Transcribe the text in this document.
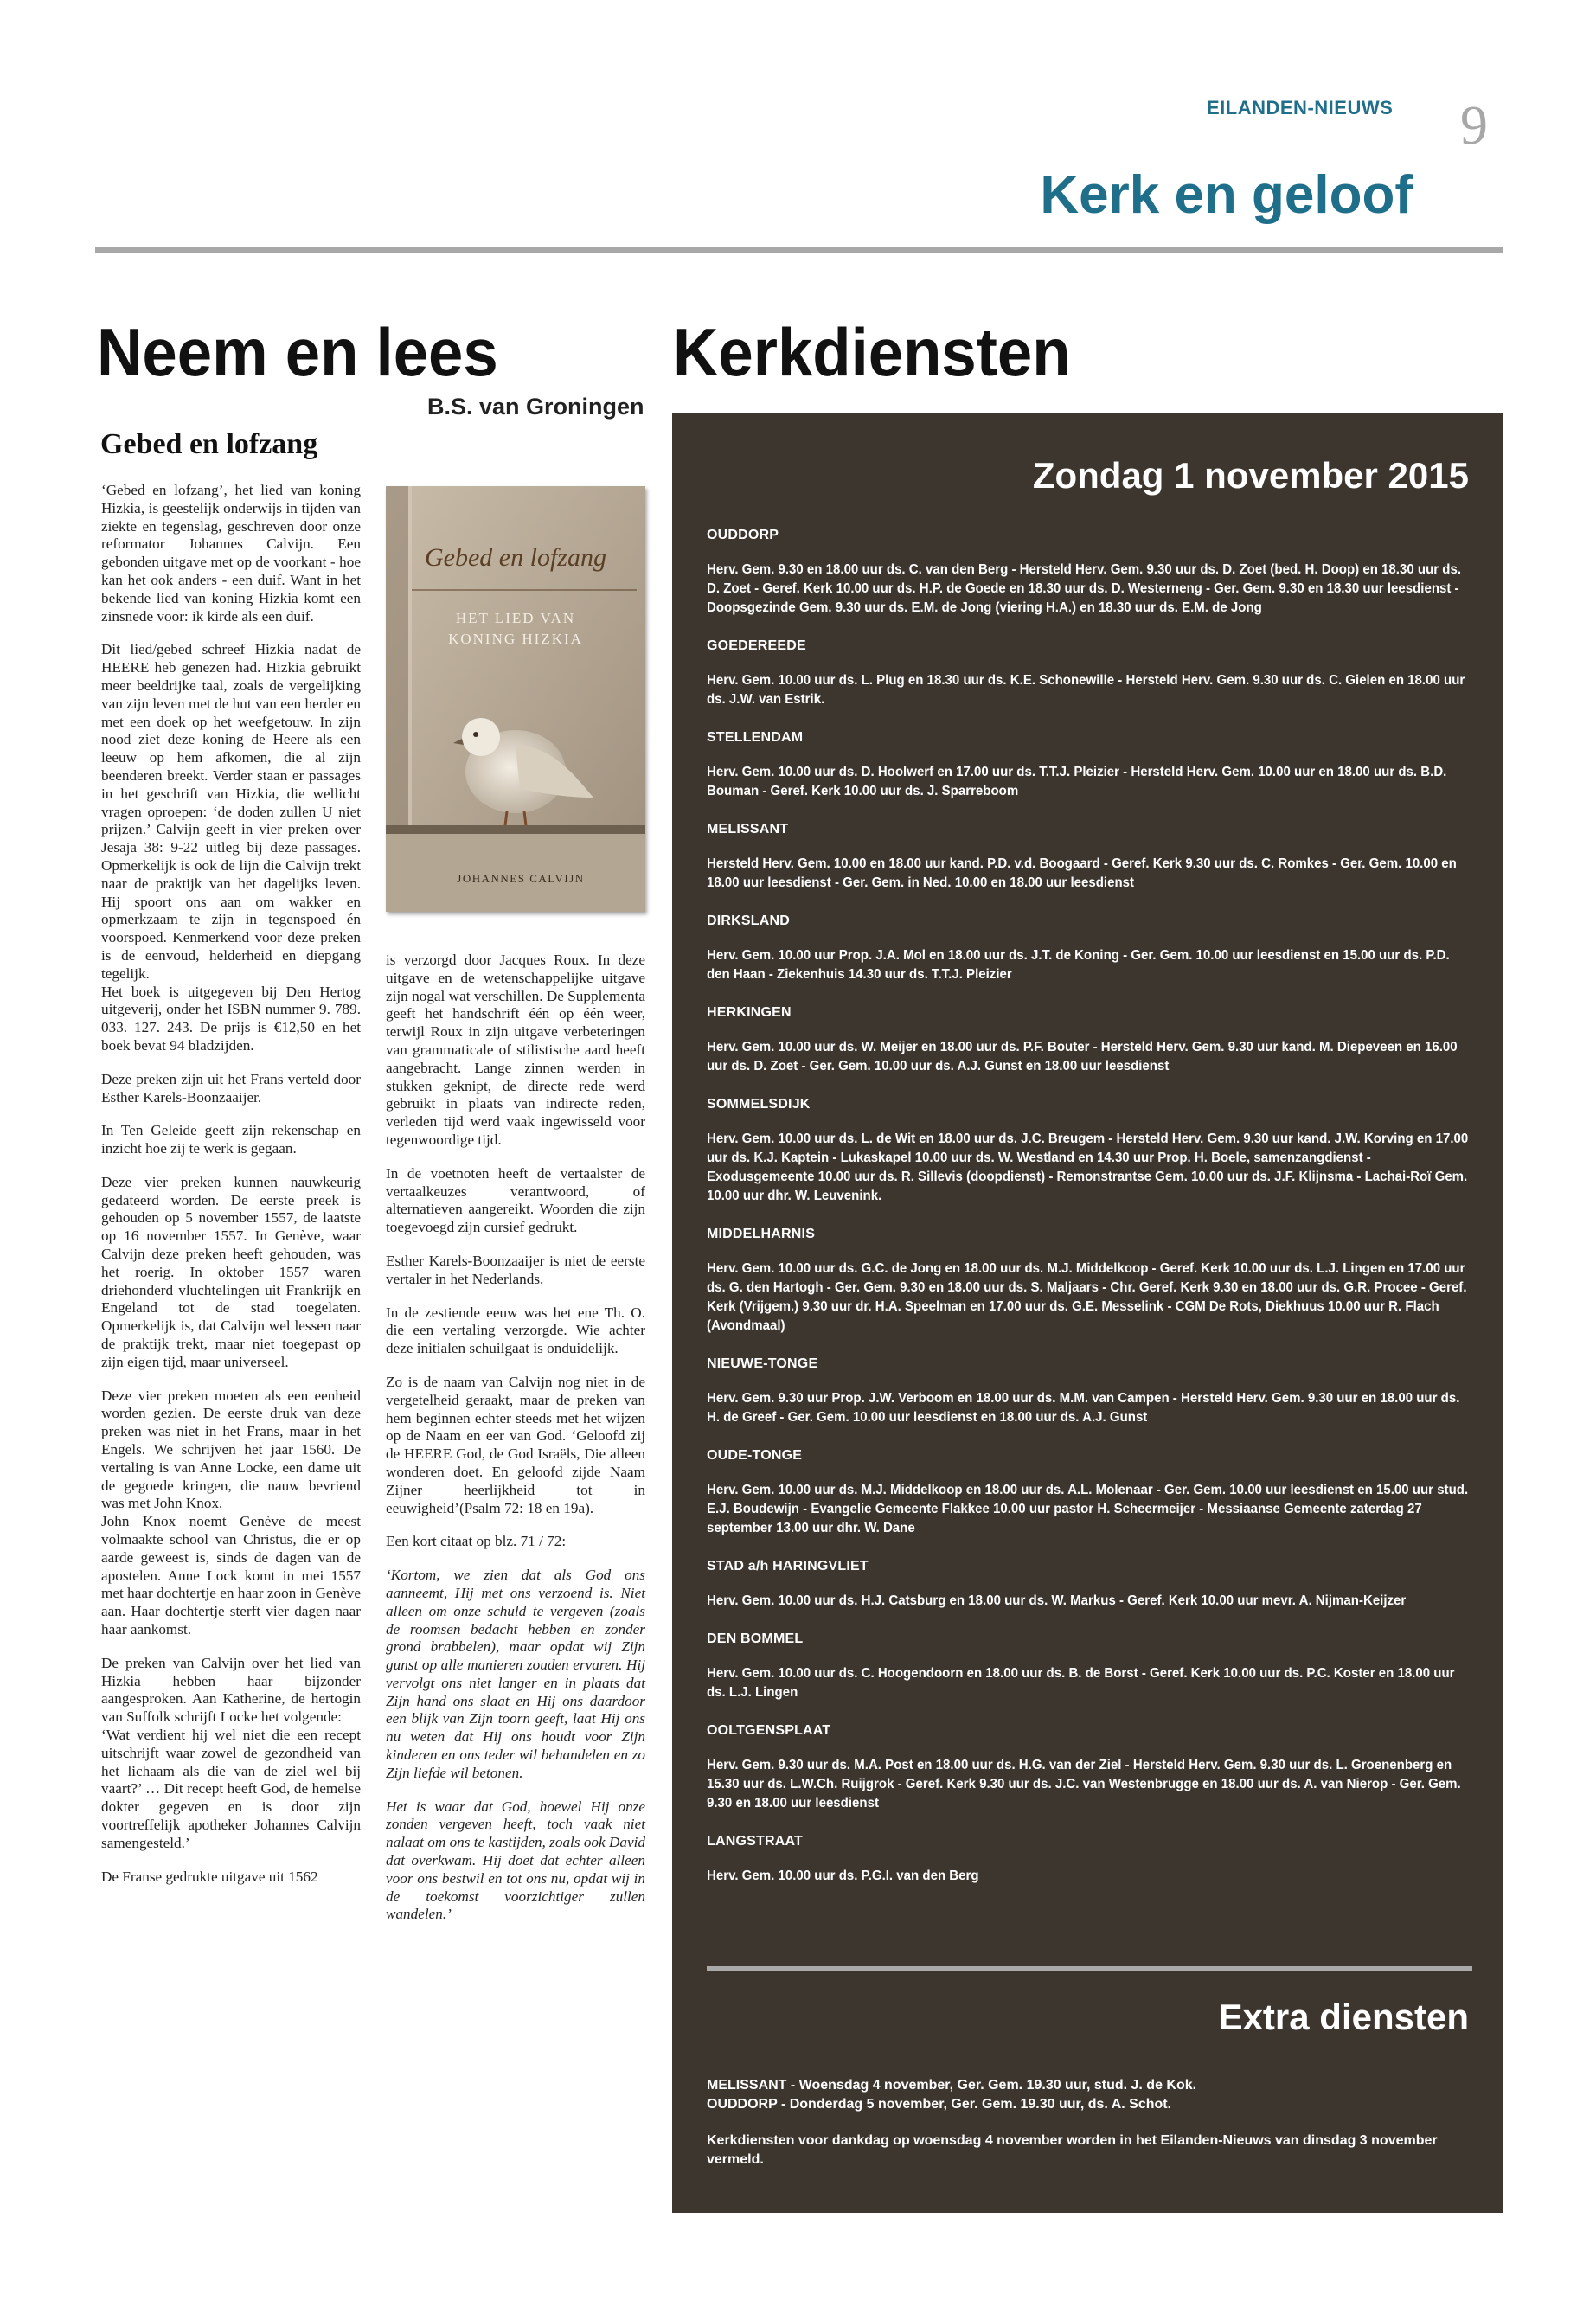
EILANDEN-NIEUWS 9
Kerk en geloof
Neem en lees	Kerkdiensten
B.S. van Groningen
Gebed en lofzang

‘Gebed en lofzang’, het lied van koning Hizkia, is geestelijk onderwijs in tijden van ziekte en tegenslag, geschreven door onze reformator Johannes Calvijn. Een gebonden uitgave met op de voorkant - hoe kan het ook anders - een duif. Want in het bekende lied van koning Hizkia komt een zinsnede voor: ik kirde als een duif.

Dit lied/gebed schreef Hizkia nadat de HEERE heb genezen had. Hizkia gebruikt meer beeldrijke taal, zoals de vergelijking van zijn leven met de hut van een herder en met een doek op het weefgetouw. In zijn nood ziet deze koning de Heere als een leeuw op hem afkomen, die al zijn beenderen breekt. Verder staan er passages in het geschrift van Hizkia, die wellicht vragen oproepen: ‘de doden zullen U niet prijzen.’ Calvijn geeft in vier preken over Jesaja 38: 9-22 uitleg bij deze passages. Opmerkelijk is ook de lijn die Calvijn trekt naar de praktijk van het dagelijks leven. Hij spoort ons aan om wakker en opmerkzaam te zijn in tegenspoed én voorspoed. Kenmerkend voor deze preken is de eenvoud, helderheid en diepgang tegelijk.

Het boek is uitgegeven bij Den Hertog uitgeverij, onder het ISBN nummer 9. 789. 033. 127. 243. De prijs is €12,50 en het boek bevat 94 bladzijden.

Deze preken zijn uit het Frans verteld door Esther Karels-Boonzaaijer.

In Ten Geleide geeft zijn rekenschap en inzicht hoe zij te werk is gegaan.

Deze vier preken kunnen nauwkeurig gedateerd worden. De eerste preek is gehouden op 5 november 1557, de laatste op 16 november 1557. In Genève, waar Calvijn deze preken heeft gehouden, was het roerig. In oktober 1557 waren driehonderd vluchtelingen uit Frankrijk en Engeland tot de stad toegelaten. Opmerkelijk is, dat Calvijn wel lessen naar de praktijk trekt, maar niet toegepast op zijn eigen tijd, maar universeel.

Deze vier preken moeten als een eenheid worden gezien. De eerste druk van deze preken was niet in het Frans, maar in het Engels. We schrijven het jaar 1560. De vertaling is van Anne Locke, een dame uit de gegoede kringen, die nauw bevriend was met John Knox.

John Knox noemt Genève de meest volmaakte school van Christus, die er op aarde geweest is, sinds de dagen van de apostelen. Anne Lock komt in mei 1557 met haar dochtertje en haar zoon in Genève aan. Haar dochtertje sterft vier dagen naar haar aankomst.

De preken van Calvijn over het lied van Hizkia hebben haar bijzonder aangesproken. Aan Katherine, de hertogin van Suffolk schrijft Locke het volgende:

‘Wat verdient hij wel niet die een recept uitschrijft waar zowel de gezondheid van het lichaam als die van de ziel wel bij vaart?’ … Dit recept heeft God, de hemelse dokter gegeven en is door zijn voortreffelijk apotheker Johannes Calvijn samengesteld.’

De Franse gedrukte uitgave uit 1562

Gebed en lofzang
HET LIED VAN
KONING HIZKIA
JOHANNES CALVIJN

is verzorgd door Jacques Roux. In deze uitgave en de wetenschappelijke uitgave zijn nogal wat verschillen. De Supplementa geeft het handschrift één op één weer, terwijl Roux in zijn uitgave verbeteringen van grammaticale of stilistische aard heeft aangebracht. Lange zinnen werden in stukken geknipt, de directe rede werd gebruikt in plaats van indirecte reden, verleden tijd werd vaak ingewisseld voor tegenwoordige tijd.

In de voetnoten heeft de vertaalster de vertaalkeuzes verantwoord, of alternatieven aangereikt. Woorden die zijn toegevoegd zijn cursief gedrukt.

Esther Karels-Boonzaaijer is niet de eerste vertaler in het Nederlands.

In de zestiende eeuw was het ene Th. O. die een vertaling verzorgde. Wie achter deze initialen schuilgaat is onduidelijk.

Zo is de naam van Calvijn nog niet in de vergetelheid geraakt, maar de preken van hem beginnen echter steeds met het wijzen op de Naam en eer van God. ‘Geloofd zij de HEERE God, de God Israëls, Die alleen wonderen doet. En geloofd zijde Naam Zijner heerlijkheid tot in eeuwigheid’(Psalm 72: 18 en 19a).

Een kort citaat op blz. 71 / 72:

‘Kortom, we zien dat als God ons aanneemt, Hij met ons verzoend is. Niet alleen om onze schuld te vergeven (zoals de roomsen bedacht hebben en zonder grond brabbelen), maar opdat wij Zijn gunst op alle manieren zouden ervaren. Hij vervolgt ons niet langer en in plaats dat Zijn hand ons slaat en Hij ons daardoor een blijk van Zijn toorn geeft, laat Hij ons nu weten dat Hij ons houdt voor Zijn kinderen en ons teder wil behandelen en zo Zijn liefde wil betonen.

Het is waar dat God, hoewel Hij onze zonden vergeven heeft, toch vaak niet nalaat om ons te kastijden, zoals ook David dat overkwam. Hij doet dat echter alleen voor ons bestwil en tot ons nu, opdat wij in de toekomst voorzichtiger zullen wandelen.’

Zondag 1 november 2015
OUDDORP
Herv. Gem. 9.30 en 18.00 uur ds. C. van den Berg - Hersteld Herv. Gem. 9.30 uur ds. D. Zoet (bed. H. Doop) en 18.30 uur ds. D. Zoet - Geref. Kerk 10.00 uur ds. H.P. de Goede en 18.30 uur ds. D. Westerneng - Ger. Gem. 9.30 en 18.30 uur leesdienst - Doopsgezinde Gem. 9.30 uur ds. E.M. de Jong (viering H.A.) en 18.30 uur ds. E.M. de Jong
GOEDEREEDE
Herv. Gem. 10.00 uur ds. L. Plug en 18.30 uur ds. K.E. Schonewille - Hersteld Herv. Gem. 9.30 uur ds. C. Gielen en 18.00 uur ds. J.W. van Estrik.
STELLENDAM
Herv. Gem. 10.00 uur ds. D. Hoolwerf en 17.00 uur ds. T.T.J. Pleizier - Hersteld Herv. Gem. 10.00 uur en 18.00 uur ds. B.D. Bouman - Geref. Kerk 10.00 uur ds. J. Sparreboom
MELISSANT
Hersteld Herv. Gem. 10.00 en 18.00 uur kand. P.D. v.d. Boogaard - Geref. Kerk 9.30 uur ds. C. Romkes - Ger. Gem. 10.00 en 18.00 uur leesdienst - Ger. Gem. in Ned. 10.00 en 18.00 uur leesdienst
DIRKSLAND
Herv. Gem. 10.00 uur Prop. J.A. Mol en 18.00 uur ds. J.T. de Koning - Ger. Gem. 10.00 uur leesdienst en 15.00 uur ds. P.D. den Haan - Ziekenhuis 14.30 uur ds. T.T.J. Pleizier
HERKINGEN
Herv. Gem. 10.00 uur ds. W. Meijer en 18.00 uur ds. P.F. Bouter - Hersteld Herv. Gem. 9.30 uur kand. M. Diepeveen en 16.00 uur ds. D. Zoet - Ger. Gem. 10.00 uur ds. A.J. Gunst en 18.00 uur leesdienst
SOMMELSDIJK
Herv. Gem. 10.00 uur ds. L. de Wit en 18.00 uur ds. J.C. Breugem - Hersteld Herv. Gem. 9.30 uur kand. J.W. Korving en 17.00 uur ds. K.J. Kaptein - Lukaskapel 10.00 uur ds. W. Westland en 14.30 uur Prop. H. Boele, samenzangdienst - Exodusgemeente 10.00 uur ds. R. Sillevis (doopdienst) - Remonstrantse Gem. 10.00 uur ds. J.F. Klijnsma - Lachai-Roï Gem. 10.00 uur dhr. W. Leuvenink.
MIDDELHARNIS
Herv. Gem. 10.00 uur ds. G.C. de Jong en 18.00 uur ds. M.J. Middelkoop - Geref. Kerk 10.00 uur ds. L.J. Lingen en 17.00 uur ds. G. den Hartogh - Ger. Gem. 9.30 en 18.00 uur ds. S. Maljaars - Chr. Geref. Kerk 9.30 en 18.00 uur ds. G.R. Procee - Geref. Kerk (Vrijgem.) 9.30 uur dr. H.A. Speelman en 17.00 uur ds. G.E. Messelink - CGM De Rots, Diekhuus 10.00 uur R. Flach (Avondmaal)
NIEUWE-TONGE
Herv. Gem. 9.30 uur Prop. J.W. Verboom en 18.00 uur ds. M.M. van Campen - Hersteld Herv. Gem. 9.30 uur en 18.00 uur ds. H. de Greef - Ger. Gem. 10.00 uur leesdienst en 18.00 uur ds. A.J. Gunst
OUDE-TONGE
Herv. Gem. 10.00 uur ds. M.J. Middelkoop en 18.00 uur ds. A.L. Molenaar - Ger. Gem. 10.00 uur leesdienst en 15.00 uur stud. E.J. Boudewijn - Evangelie Gemeente Flakkee 10.00 uur pastor H. Scheermeijer - Messiaanse Gemeente zaterdag 27 september 13.00 uur dhr. W. Dane
STAD a/h HARINGVLIET
Herv. Gem. 10.00 uur ds. H.J. Catsburg en 18.00 uur ds. W. Markus - Geref. Kerk 10.00 uur mevr. A. Nijman-Keijzer
DEN BOMMEL
Herv. Gem. 10.00 uur ds. C. Hoogendoorn en 18.00 uur ds. B. de Borst - Geref. Kerk 10.00 uur ds. P.C. Koster en 18.00 uur ds. L.J. Lingen
OOLTGENSPLAAT
Herv. Gem. 9.30 uur ds. M.A. Post en 18.00 uur ds. H.G. van der Ziel - Hersteld Herv. Gem. 9.30 uur ds. L. Groenenberg en 15.30 uur ds. L.W.Ch. Ruijgrok - Geref. Kerk 9.30 uur ds. J.C. van Westenbrugge en 18.00 uur ds. A. van Nierop - Ger. Gem. 9.30 en 18.00 uur leesdienst
LANGSTRAAT
Herv. Gem. 10.00 uur ds. P.G.I. van den Berg
Extra diensten
MELISSANT - Woensdag 4 november, Ger. Gem. 19.30 uur, stud. J. de Kok.
OUDDORP - Donderdag 5 november, Ger. Gem. 19.30 uur, ds. A. Schot.
Kerkdiensten voor dankdag op woensdag 4 november worden in het Eilanden-Nieuws van dinsdag 3 november vermeld.
